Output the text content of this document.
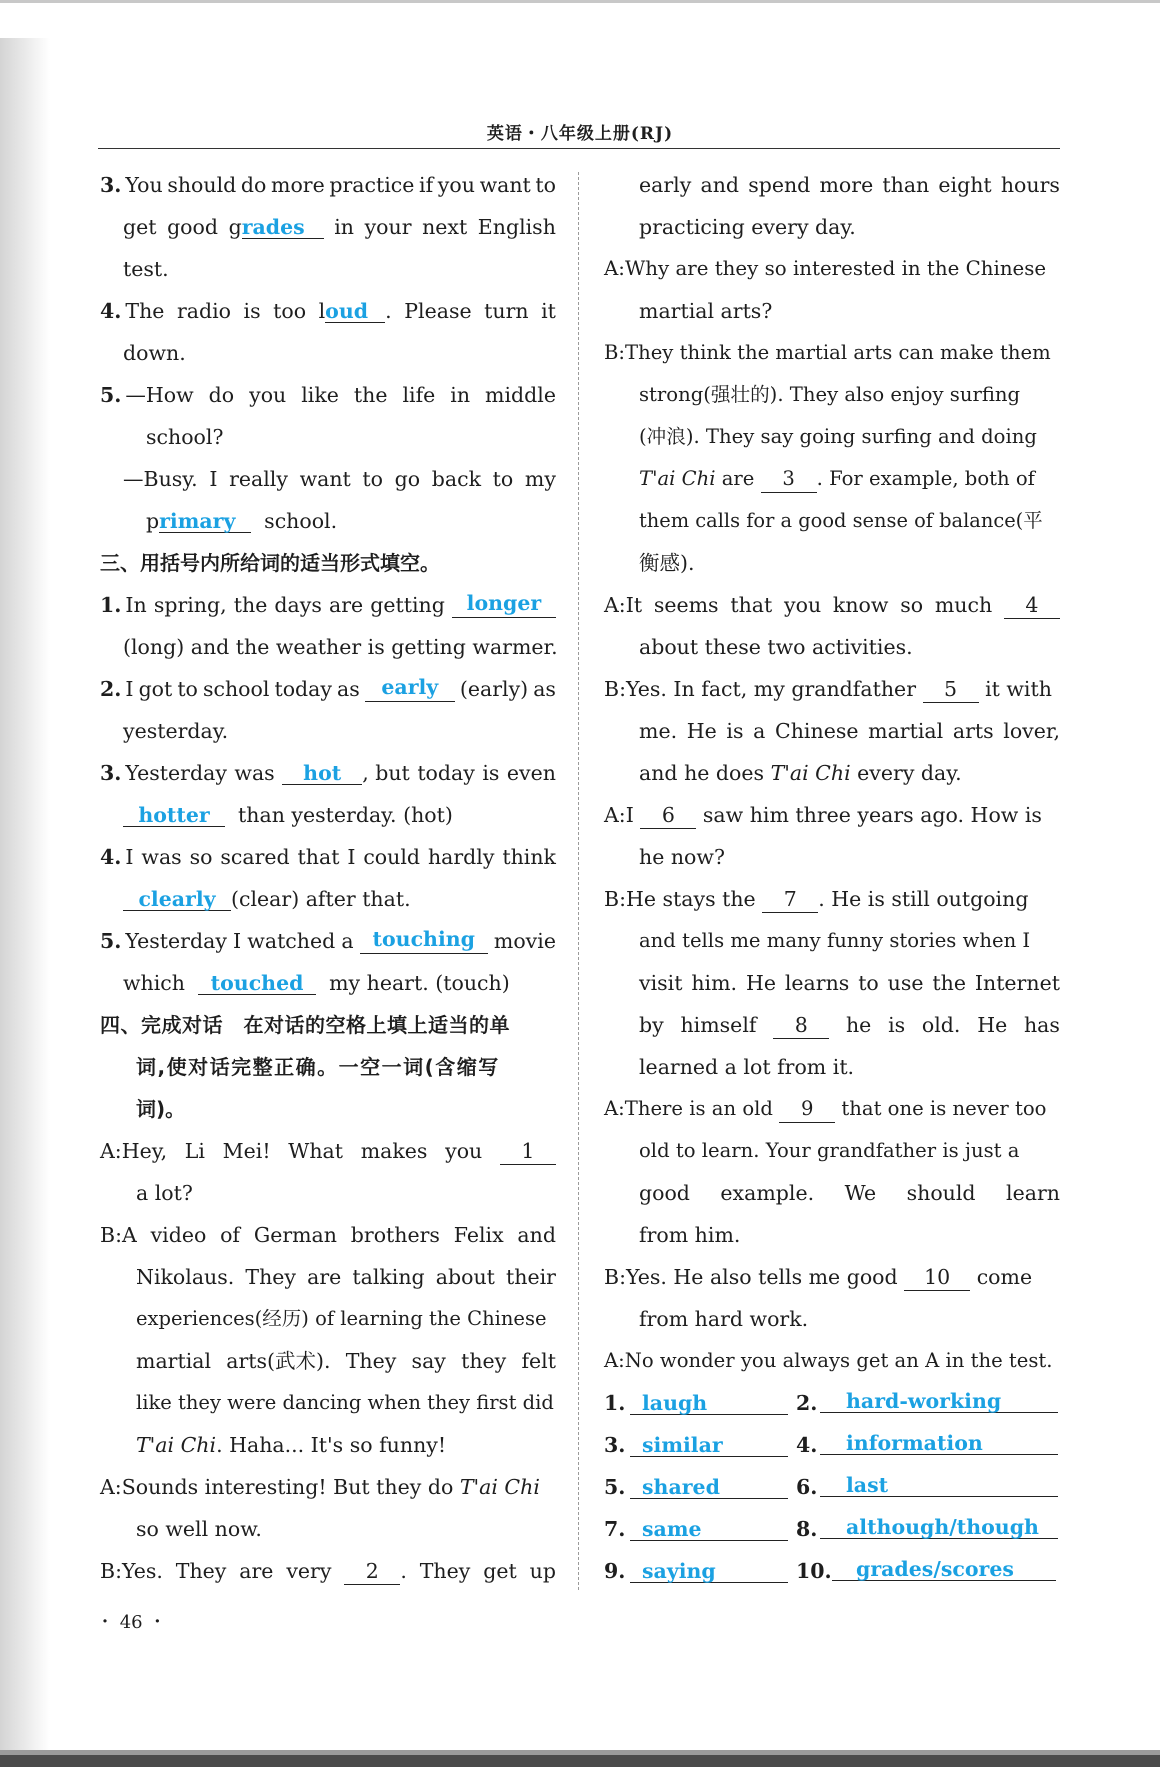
英语・八年级上册(RJ)
3. You should do more practice if you want to
get good grades	in your next English
test.
4. The radio is too loud . Please turn it
down.
5. —How do you like the life in middle
school?
—Busy. I really want to go back to my
primary school.
三、用括号内所给词的适当形式填空。
1. In spring, the days are getting	longer
(long) and the weather is getting warmer.
2. I got to school today as	early	(early) as
yesterday.
3. Yesterday was	hot , but today is even
hotter than yesterday. (hot)
4. I was so scared that I could hardly think
clearly (clear) after that.
5. Yesterday I watched a touching movie
which touched my heart. (touch)
四、完成对话　在对话的空格上填上适当的单
词,使对话完整正确。一空一词(含缩写
词)。
A:Hey, Li Mei! What makes you	1
a lot?
B:A video of German brothers Felix and
Nikolaus. They are talking about their
experiences(经历) of learning the Chinese
martial arts(武术). They say they felt
like they were dancing when they first did
T'ai Chi. Haha... It's so funny!
A:Sounds interesting! But they do T'ai Chi
so well now.
B:Yes. They are very	2 . They get up
・ 46 ・
early and spend more than eight hours
practicing every day.
A:Why are they so interested in the Chinese
martial arts?
B:They think the martial arts can make them
strong(强壮的). They also enjoy surfing
(冲浪). They say going surfing and doing
T'ai Chi are 3 . For example, both of
them calls for a good sense of balance(平
衡感).
A:It seems that you know so much	4
about these two activities.
B:Yes. In fact, my grandfather 5 it with
me. He is a Chinese martial arts lover,
and he does T'ai Chi every day.
A:I 6 saw him three years ago. How is
he now?
B:He stays the 7 . He is still outgoing
and tells me many funny stories when I
visit him. He learns to use the Internet
by himself	8	he is old. He has
learned a lot from it.
A:There is an old 9 that one is never too
old to learn. Your grandfather is just a
good example. We should learn
from him.
B:Yes. He also tells me good 10 come
from hard work.
A:No wonder you always get an A in the test.
1. laugh	2.	hard-working
3. similar	4.	information
5. shared	6.	last
7. same	8.	although/though
9. saying	10.	grades/scores
